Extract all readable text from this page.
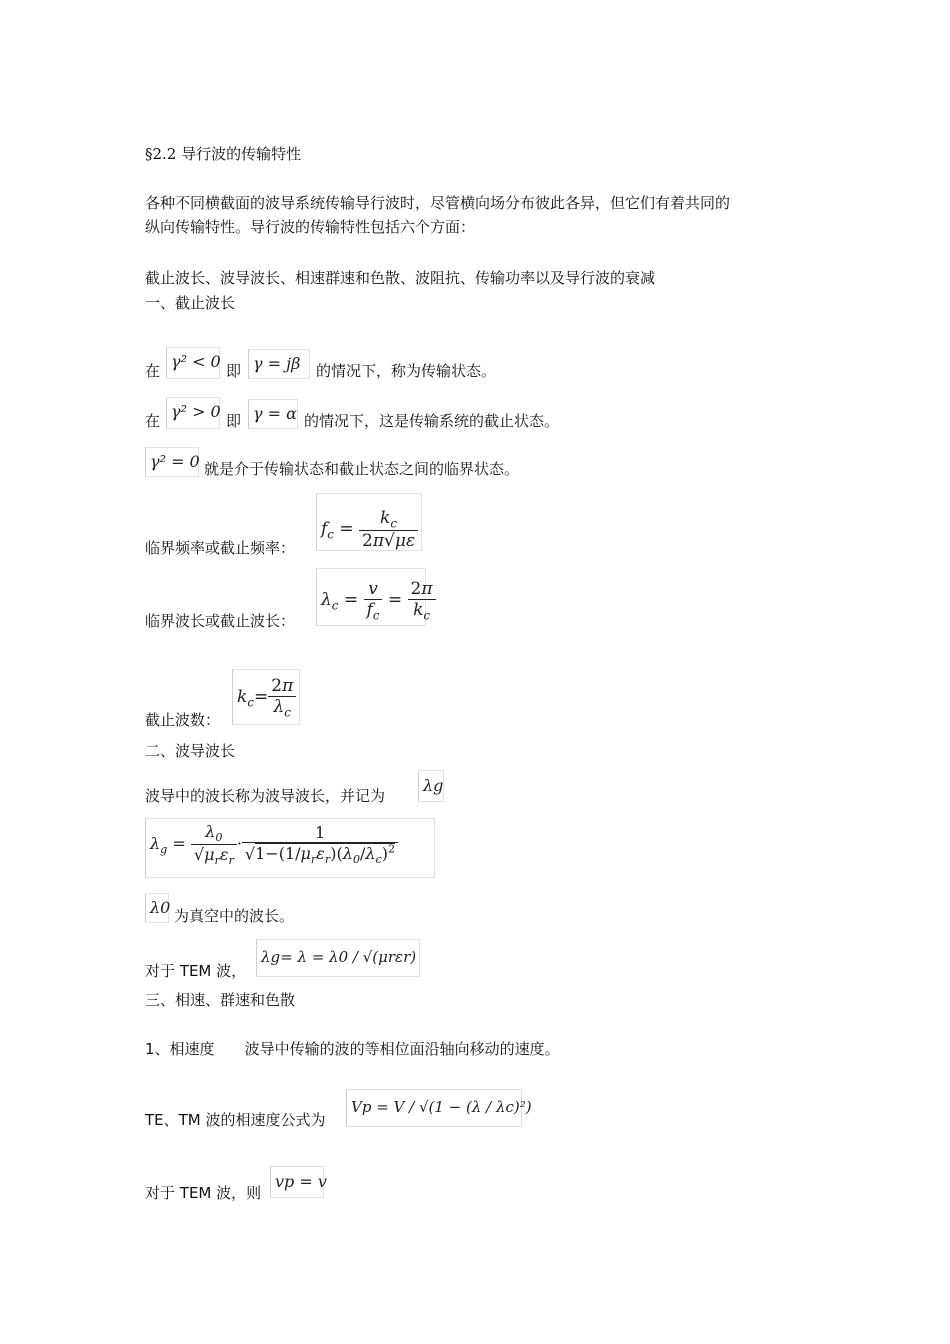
§2.2 导行波的传输特性
各种不同横截面的波导系统传输导行波时，尽管横向场分布彼此各异，但它们有着共同的
纵向传输特性。导行波的传输特性包括六个方面：
截止波长、波导波长、相速群速和色散、波阻抗、传输功率以及导行波的衰减
一、截止波长
在 γ² < 0 即 γ = jβ	的情况下，称为传输状态。
在 γ² > 0 即 γ = α 的情况下，这是传输系统的截止状态。
γ² = 0 就是介于传输状态和截止状态之间的临界状态。
临界频率或截止频率：
$f_c = \frac{k_c}{2\pi√\mu\varepsilon}$
临界波长或截止波长：
$\lambda_c = \frac{v}{f_c} = \frac{2\pi}{k_c}$
截止波数：
$k_c= \frac{2\pi}{\lambda_c}$
二、波导波长
波导中的波长称为波导波长，并记为
λg
$\lambda_g = \frac{\lambda_0}{√\mu_r\varepsilon_r} \cdot \frac{1}{√1-(1/\mu_r\varepsilon_r)(\lambda_0/\lambda_c)^2}$
λ0 为真空中的波长。
对于 TEM 波，
λg= λ = λ0 / √(μrεr)
三、相速、群速和色散
1、相速度 波导中传输的波的等相位面沿轴向移动的速度。
TE、TM 波的相速度公式为
Vp = V / √(1 − (λ / λc)²)
对于 TEM 波，则
vp = v
